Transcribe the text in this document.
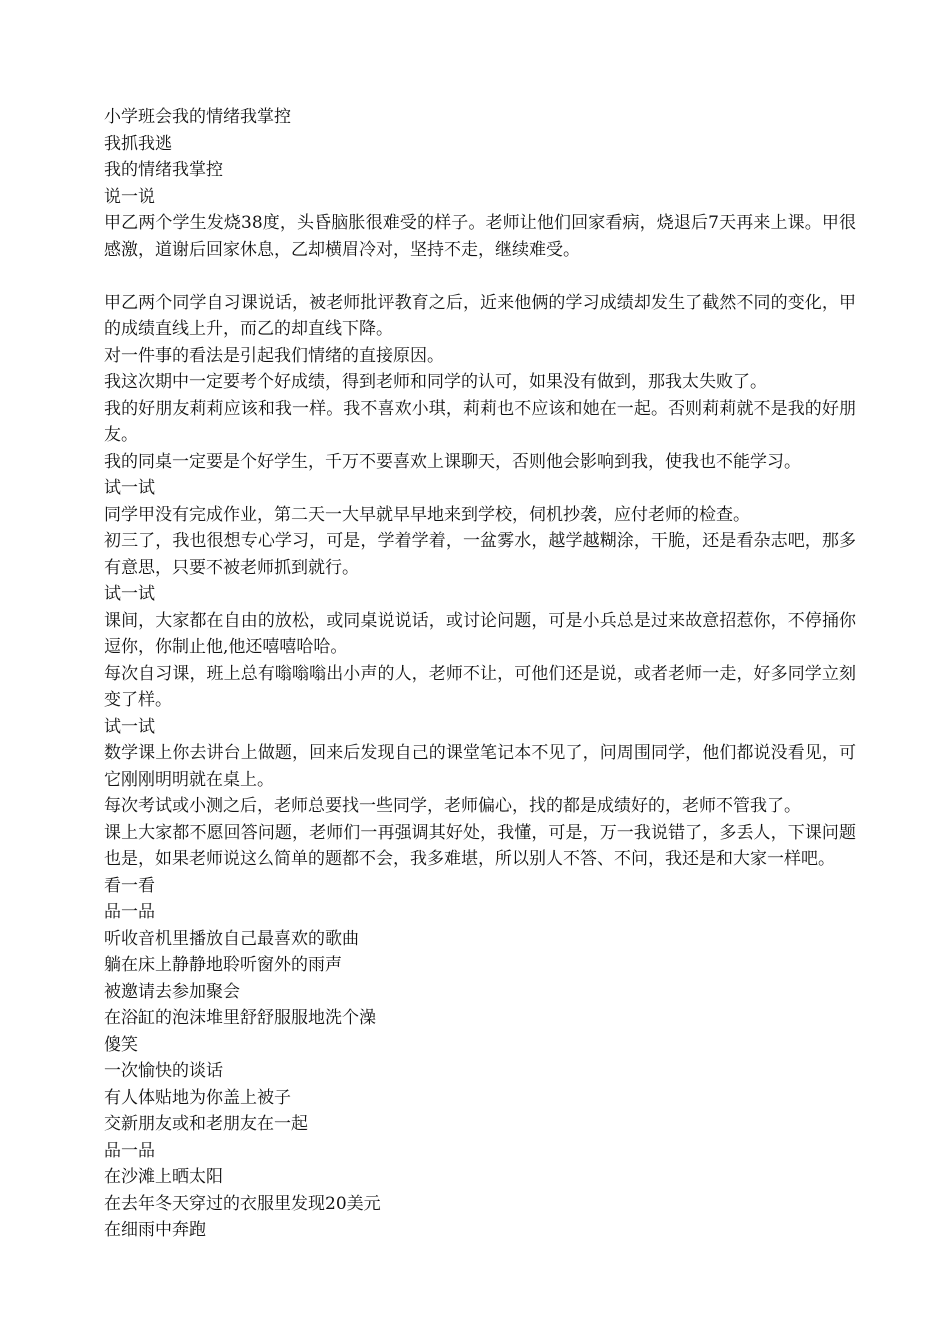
小学班会我的情绪我掌控

我抓我逃

我的情绪我掌控

说一说

甲乙两个学生发烧38度，头昏脑胀很难受的样子。老师让他们回家看病，烧退后7天再来上课。甲很感激，道谢后回家休息，乙却横眉冷对，坚持不走，继续难受。

甲乙两个同学自习课说话，被老师批评教育之后，近来他俩的学习成绩却发生了截然不同的变化，甲的成绩直线上升，而乙的却直线下降。

对一件事的看法是引起我们情绪的直接原因。

我这次期中一定要考个好成绩，得到老师和同学的认可，如果没有做到，那我太失败了。

我的好朋友莉莉应该和我一样。我不喜欢小琪，莉莉也不应该和她在一起。否则莉莉就不是我的好朋友。

我的同桌一定要是个好学生，千万不要喜欢上课聊天，否则他会影响到我，使我也不能学习。

试一试

同学甲没有完成作业，第二天一大早就早早地来到学校，伺机抄袭，应付老师的检查。

初三了，我也很想专心学习，可是，学着学着，一盆雾水，越学越糊涂，干脆，还是看杂志吧，那多有意思，只要不被老师抓到就行。

试一试

课间，大家都在自由的放松，或同桌说说话，或讨论问题，可是小兵总是过来故意招惹你，不停捅你逗你，你制止他,他还嘻嘻哈哈。

每次自习课，班上总有嗡嗡嗡出小声的人，老师不让，可他们还是说，或者老师一走，好多同学立刻变了样。

试一试

数学课上你去讲台上做题，回来后发现自己的课堂笔记本不见了，问周围同学，他们都说没看见，可它刚刚明明就在桌上。

每次考试或小测之后，老师总要找一些同学，老师偏心，找的都是成绩好的，老师不管我了。

课上大家都不愿回答问题，老师们一再强调其好处，我懂，可是，万一我说错了，多丢人，下课问题也是，如果老师说这么简单的题都不会，我多难堪，所以别人不答、不问，我还是和大家一样吧。

看一看

品一品

听收音机里播放自己最喜欢的歌曲

躺在床上静静地聆听窗外的雨声

被邀请去参加聚会

在浴缸的泡沫堆里舒舒服服地洗个澡

傻笑

一次愉快的谈话

有人体贴地为你盖上被子

交新朋友或和老朋友在一起

品一品

在沙滩上晒太阳

在去年冬天穿过的衣服里发现20美元

在细雨中奔跑
